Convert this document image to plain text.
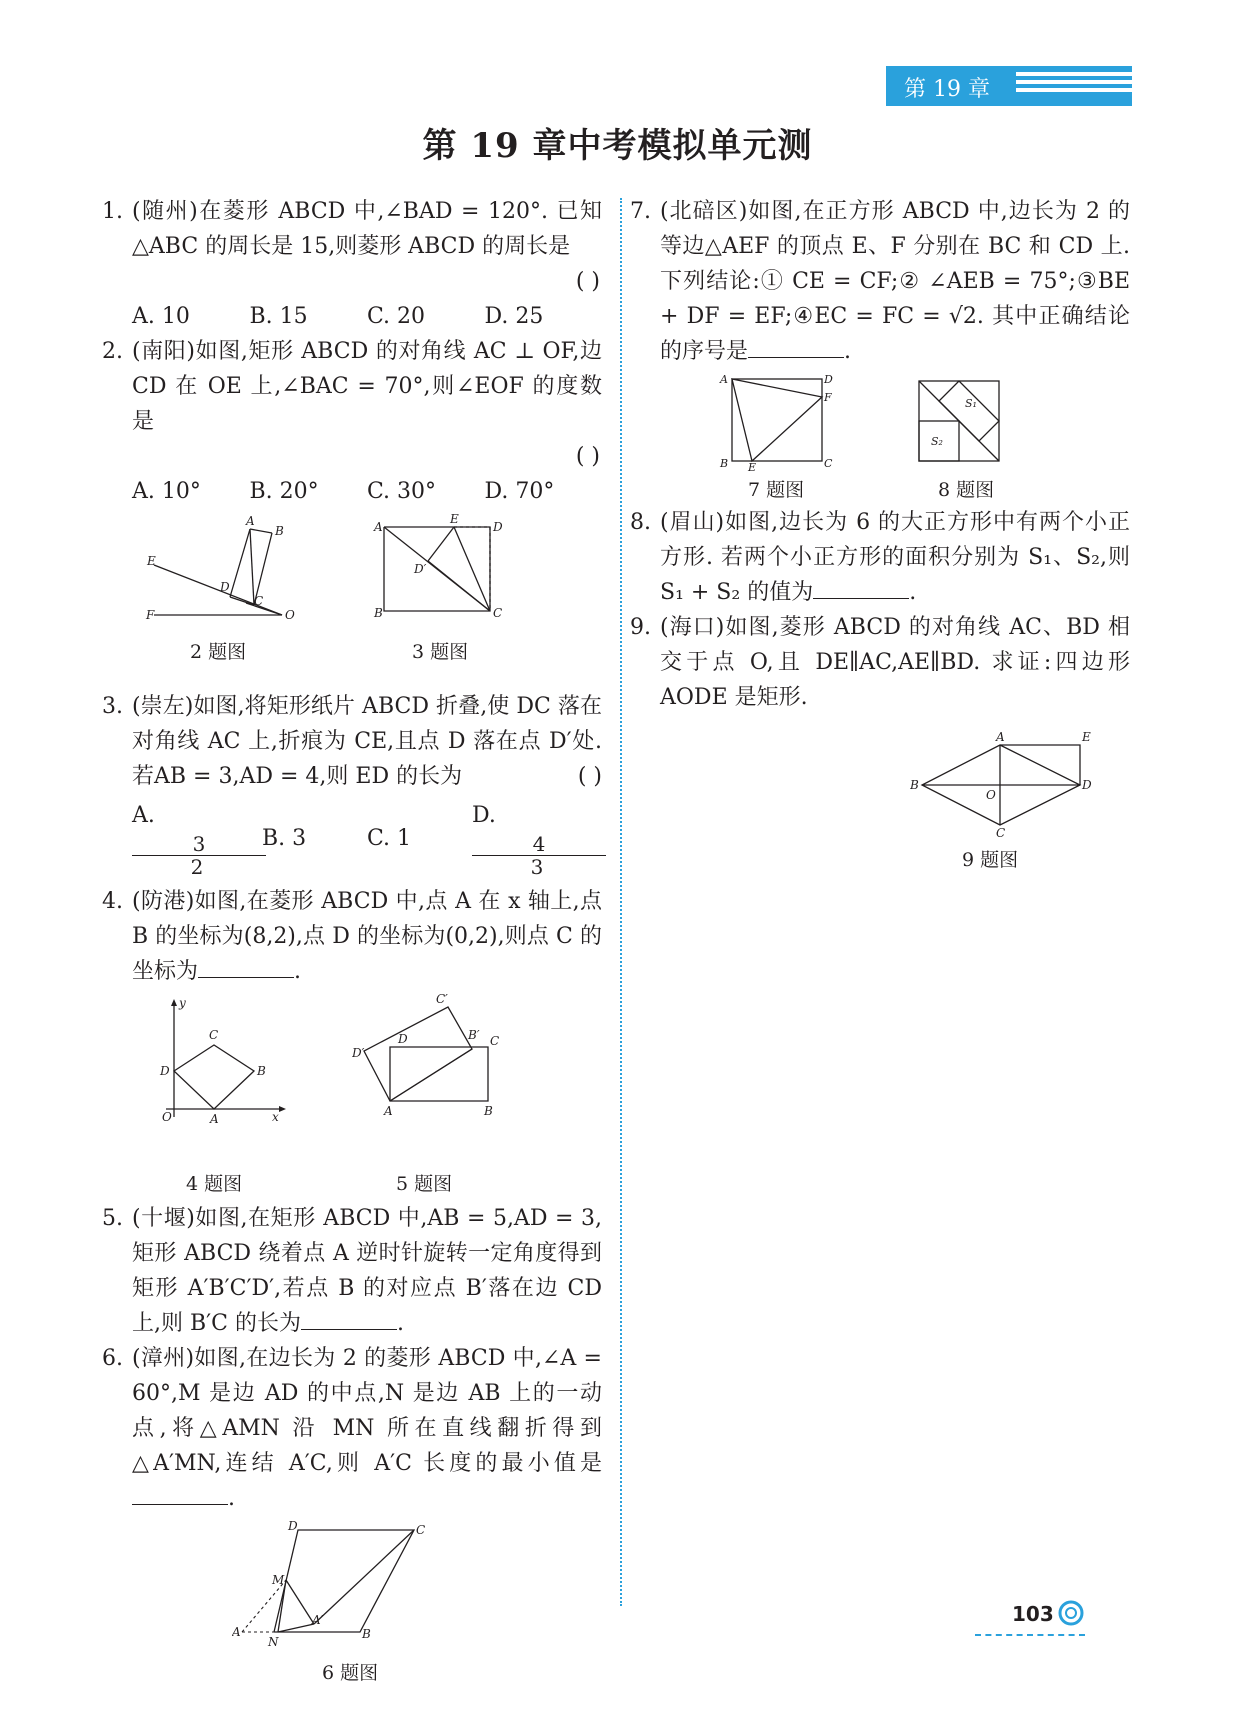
第 19 章
第 19 章中考模拟单元测
1. (随州)在菱形 ABCD 中,∠BAD = 120°. 已知△ABC 的周长是 15,则菱形 ABCD 的周长是

( )
A. 10	B. 15	C. 20	D. 25
2. (南阳)如图,矩形 ABCD 的对角线 AC ⊥ OF,边 CD 在 OE 上,∠BAC = 70°,则∠EOF 的度数是

( )
A. 10°	B. 20°	C. 30°	D. 70°
A
B
E
D
C
O
F
2 题图
A
E
D
D′
B	C
3 题图
3. (崇左)如图,将矩形纸片 ABCD 折叠,使 DC 落在对角线 AC 上,折痕为 CE,且点 D 落在点 D′处. 若AB = 3,AD = 4,则 ED 的长为	( )

A.
$\frac{3}{2} B$. 3	C. 1
D.
$\frac{4}{3}$
4. (防港)如图,在菱形 ABCD 中,点 A 在 x 轴上,点 B 的坐标为(8,2),点 D 的坐标为(0,2),则点 C 的坐标为	.

y
C
D	B
O	A	x
4 题图
C′
B′ C
D
D′
A	B
5 题图
5. (十堰)如图,在矩形 ABCD 中,AB = 5,AD = 3,矩形 ABCD 绕着点 A 逆时针旋转一定角度得到矩形 A′B′C′D′,若点 B 的对应点 B′落在边 CD 上,则 B′C 的长为	.

6. (漳州)如图,在边长为 2 的菱形 ABCD 中,∠A = 60°,M 是边 AD 的中点,N 是边 AB 上的一动点,将△AMN 沿 MN 所在直线翻折得到△A′MN,连结 A′C,则 A′C 长度的最小值是.

D	C
M
A
A′
B
N
6 题图
7. (北碚区)如图,在正方形 ABCD 中,边长为 2 的等边△AEF 的顶点 E、F 分别在 BC 和 CD 上. 下列结论:① CE = CF;② ∠AEB = 75°;③BE + DF = EF;④EC = FC = √2. 其中正确结论的序号是	.

A	D
F
B E	C
7 题图
S₁
S₂
8 题图
8. (眉山)如图,边长为 6 的大正方形中有两个小正方形. 若两个小正方形的面积分别为 S₁、S₂,则 S₁ + S₂ 的值为	.

9. (海口)如图,菱形 ABCD 的对角线 AC、BD 相交于点 O,且 DE∥AC,AE∥BD. 求证:四边形 AODE 是矩形.

A	E
B	D
O
C
9 题图
103
